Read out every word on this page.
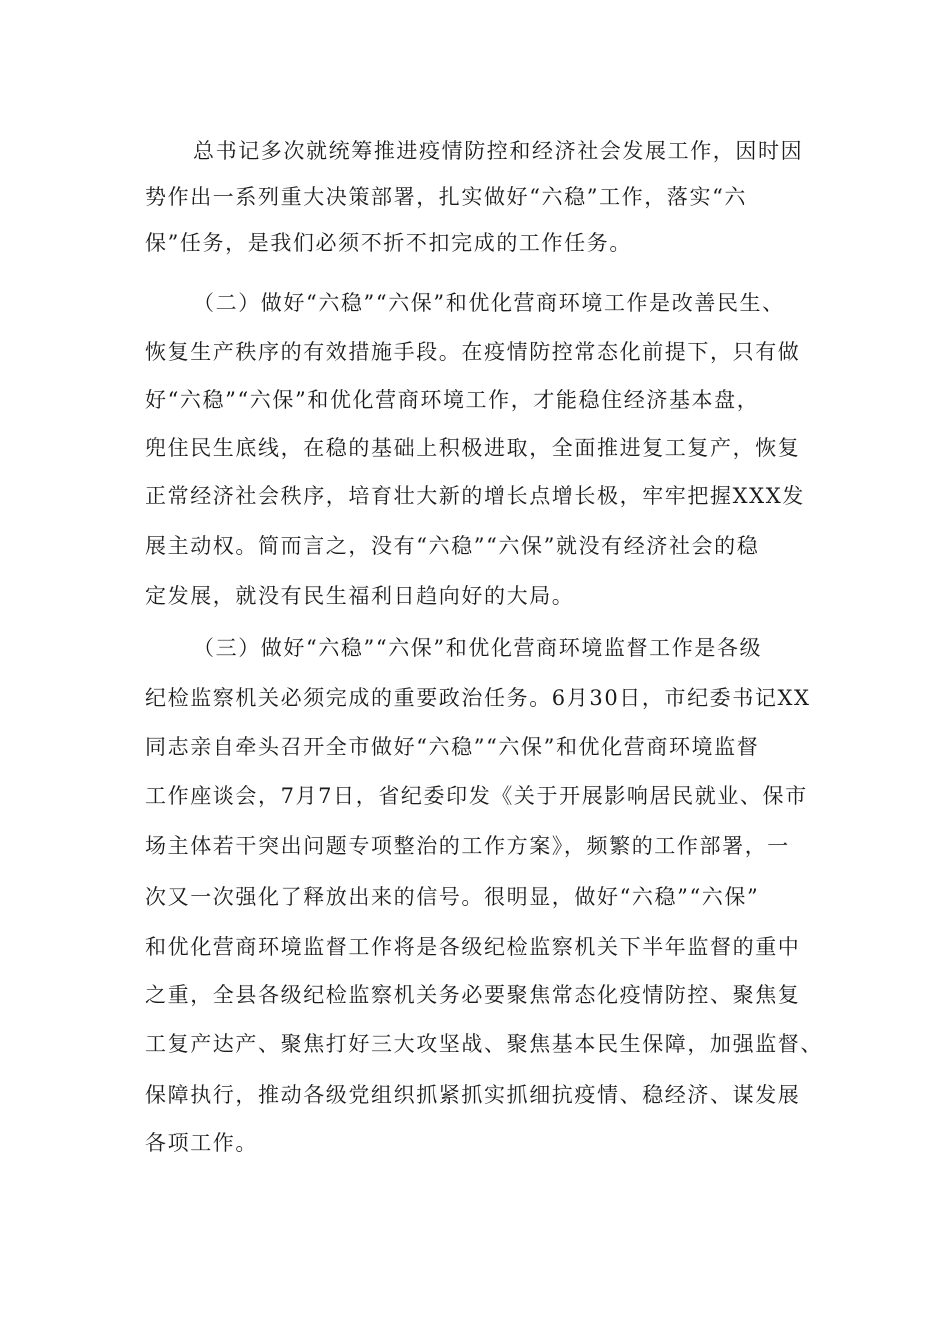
总书记多次就统筹推进疫情防控和经济社会发展工作，因时因

势作出一系列重大决策部署，扎实做好“六稳”工作，落实“六

保”任务，是我们必须不折不扣完成的工作任务。

（二）做好“六稳”“六保”和优化营商环境工作是改善民生、

恢复生产秩序的有效措施手段。在疫情防控常态化前提下，只有做

好“六稳”“六保”和优化营商环境工作，才能稳住经济基本盘，

兜住民生底线，在稳的基础上积极进取，全面推进复工复产，恢复

正常经济社会秩序，培育壮大新的增长点增长极，牢牢把握XXX发

展主动权。简而言之，没有“六稳”“六保”就没有经济社会的稳

定发展，就没有民生福利日趋向好的大局。

（三）做好“六稳”“六保”和优化营商环境监督工作是各级

纪检监察机关必须完成的重要政治任务。6月30日，市纪委书记XX

同志亲自牵头召开全市做好“六稳”“六保”和优化营商环境监督

工作座谈会，7月7日，省纪委印发《关于开展影响居民就业、保市

场主体若干突出问题专项整治的工作方案》，频繁的工作部署，一

次又一次强化了释放出来的信号。很明显，做好“六稳”“六保”

和优化营商环境监督工作将是各级纪检监察机关下半年监督的重中

之重，全县各级纪检监察机关务必要聚焦常态化疫情防控、聚焦复

工复产达产、聚焦打好三大攻坚战、聚焦基本民生保障，加强监督、

保障执行，推动各级党组织抓紧抓实抓细抗疫情、稳经济、谋发展

各项工作。
